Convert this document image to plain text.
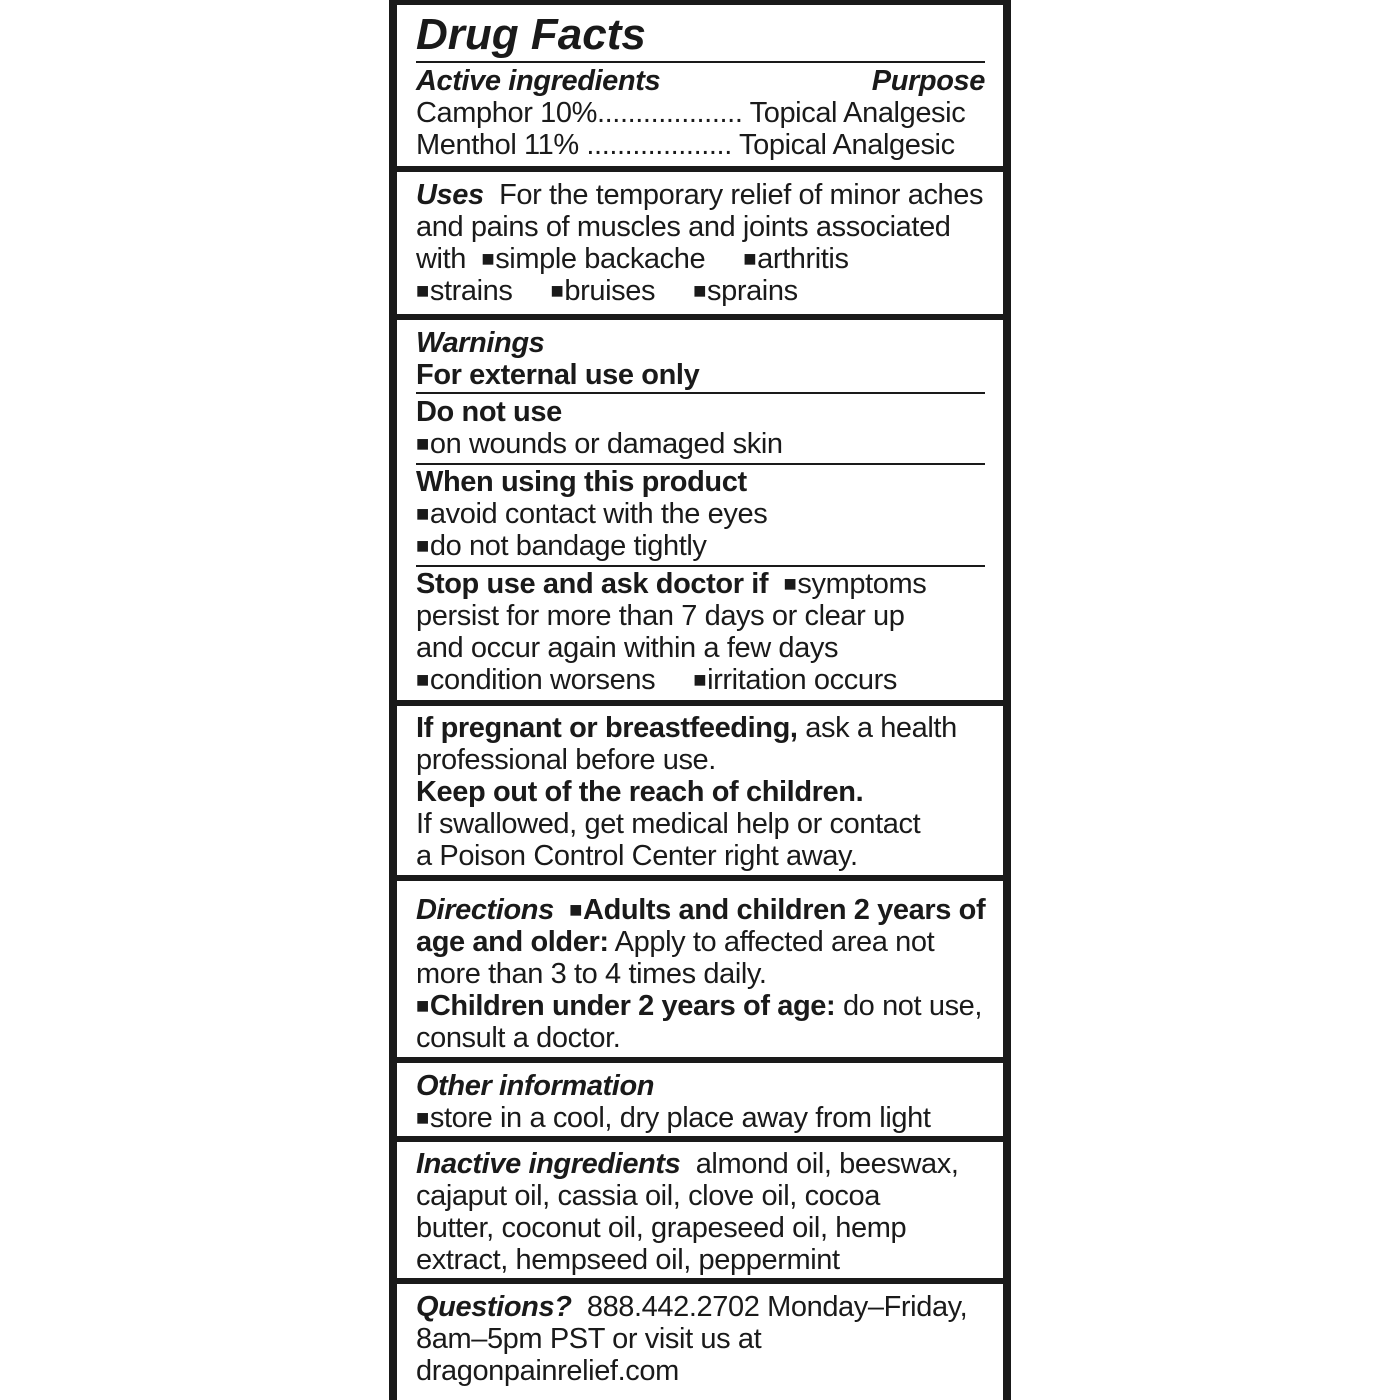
Drug Facts
Active ingredients	Purpose
Camphor 10%................... Topical Analgesic
Menthol 11% ................... Topical Analgesic
Uses For the temporary relief of minor aches
and pains of muscles and joints associated
with ■simple backache ■arthritis
■strains ■bruises ■sprains
Warnings
For external use only
Do not use
■on wounds or damaged skin
When using this product
■avoid contact with the eyes
■do not bandage tightly
Stop use and ask doctor if ■symptoms
persist for more than 7 days or clear up
and occur again within a few days
■condition worsens ■irritation occurs
If pregnant or breastfeeding, ask a health
professional before use.
Keep out of the reach of children.
If swallowed, get medical help or contact
a Poison Control Center right away.
Directions ■Adults and children 2 years of
age and older: Apply to affected area not
more than 3 to 4 times daily.
■Children under 2 years of age: do not use,
consult a doctor.
Other information
■store in a cool, dry place away from light
Inactive ingredients almond oil, beeswax,
cajaput oil, cassia oil, clove oil, cocoa
butter, coconut oil, grapeseed oil, hemp
extract, hempseed oil, peppermint
Questions? 888.442.2702 Monday–Friday,
8am–5pm PST or visit us at
dragonpainrelief.com
